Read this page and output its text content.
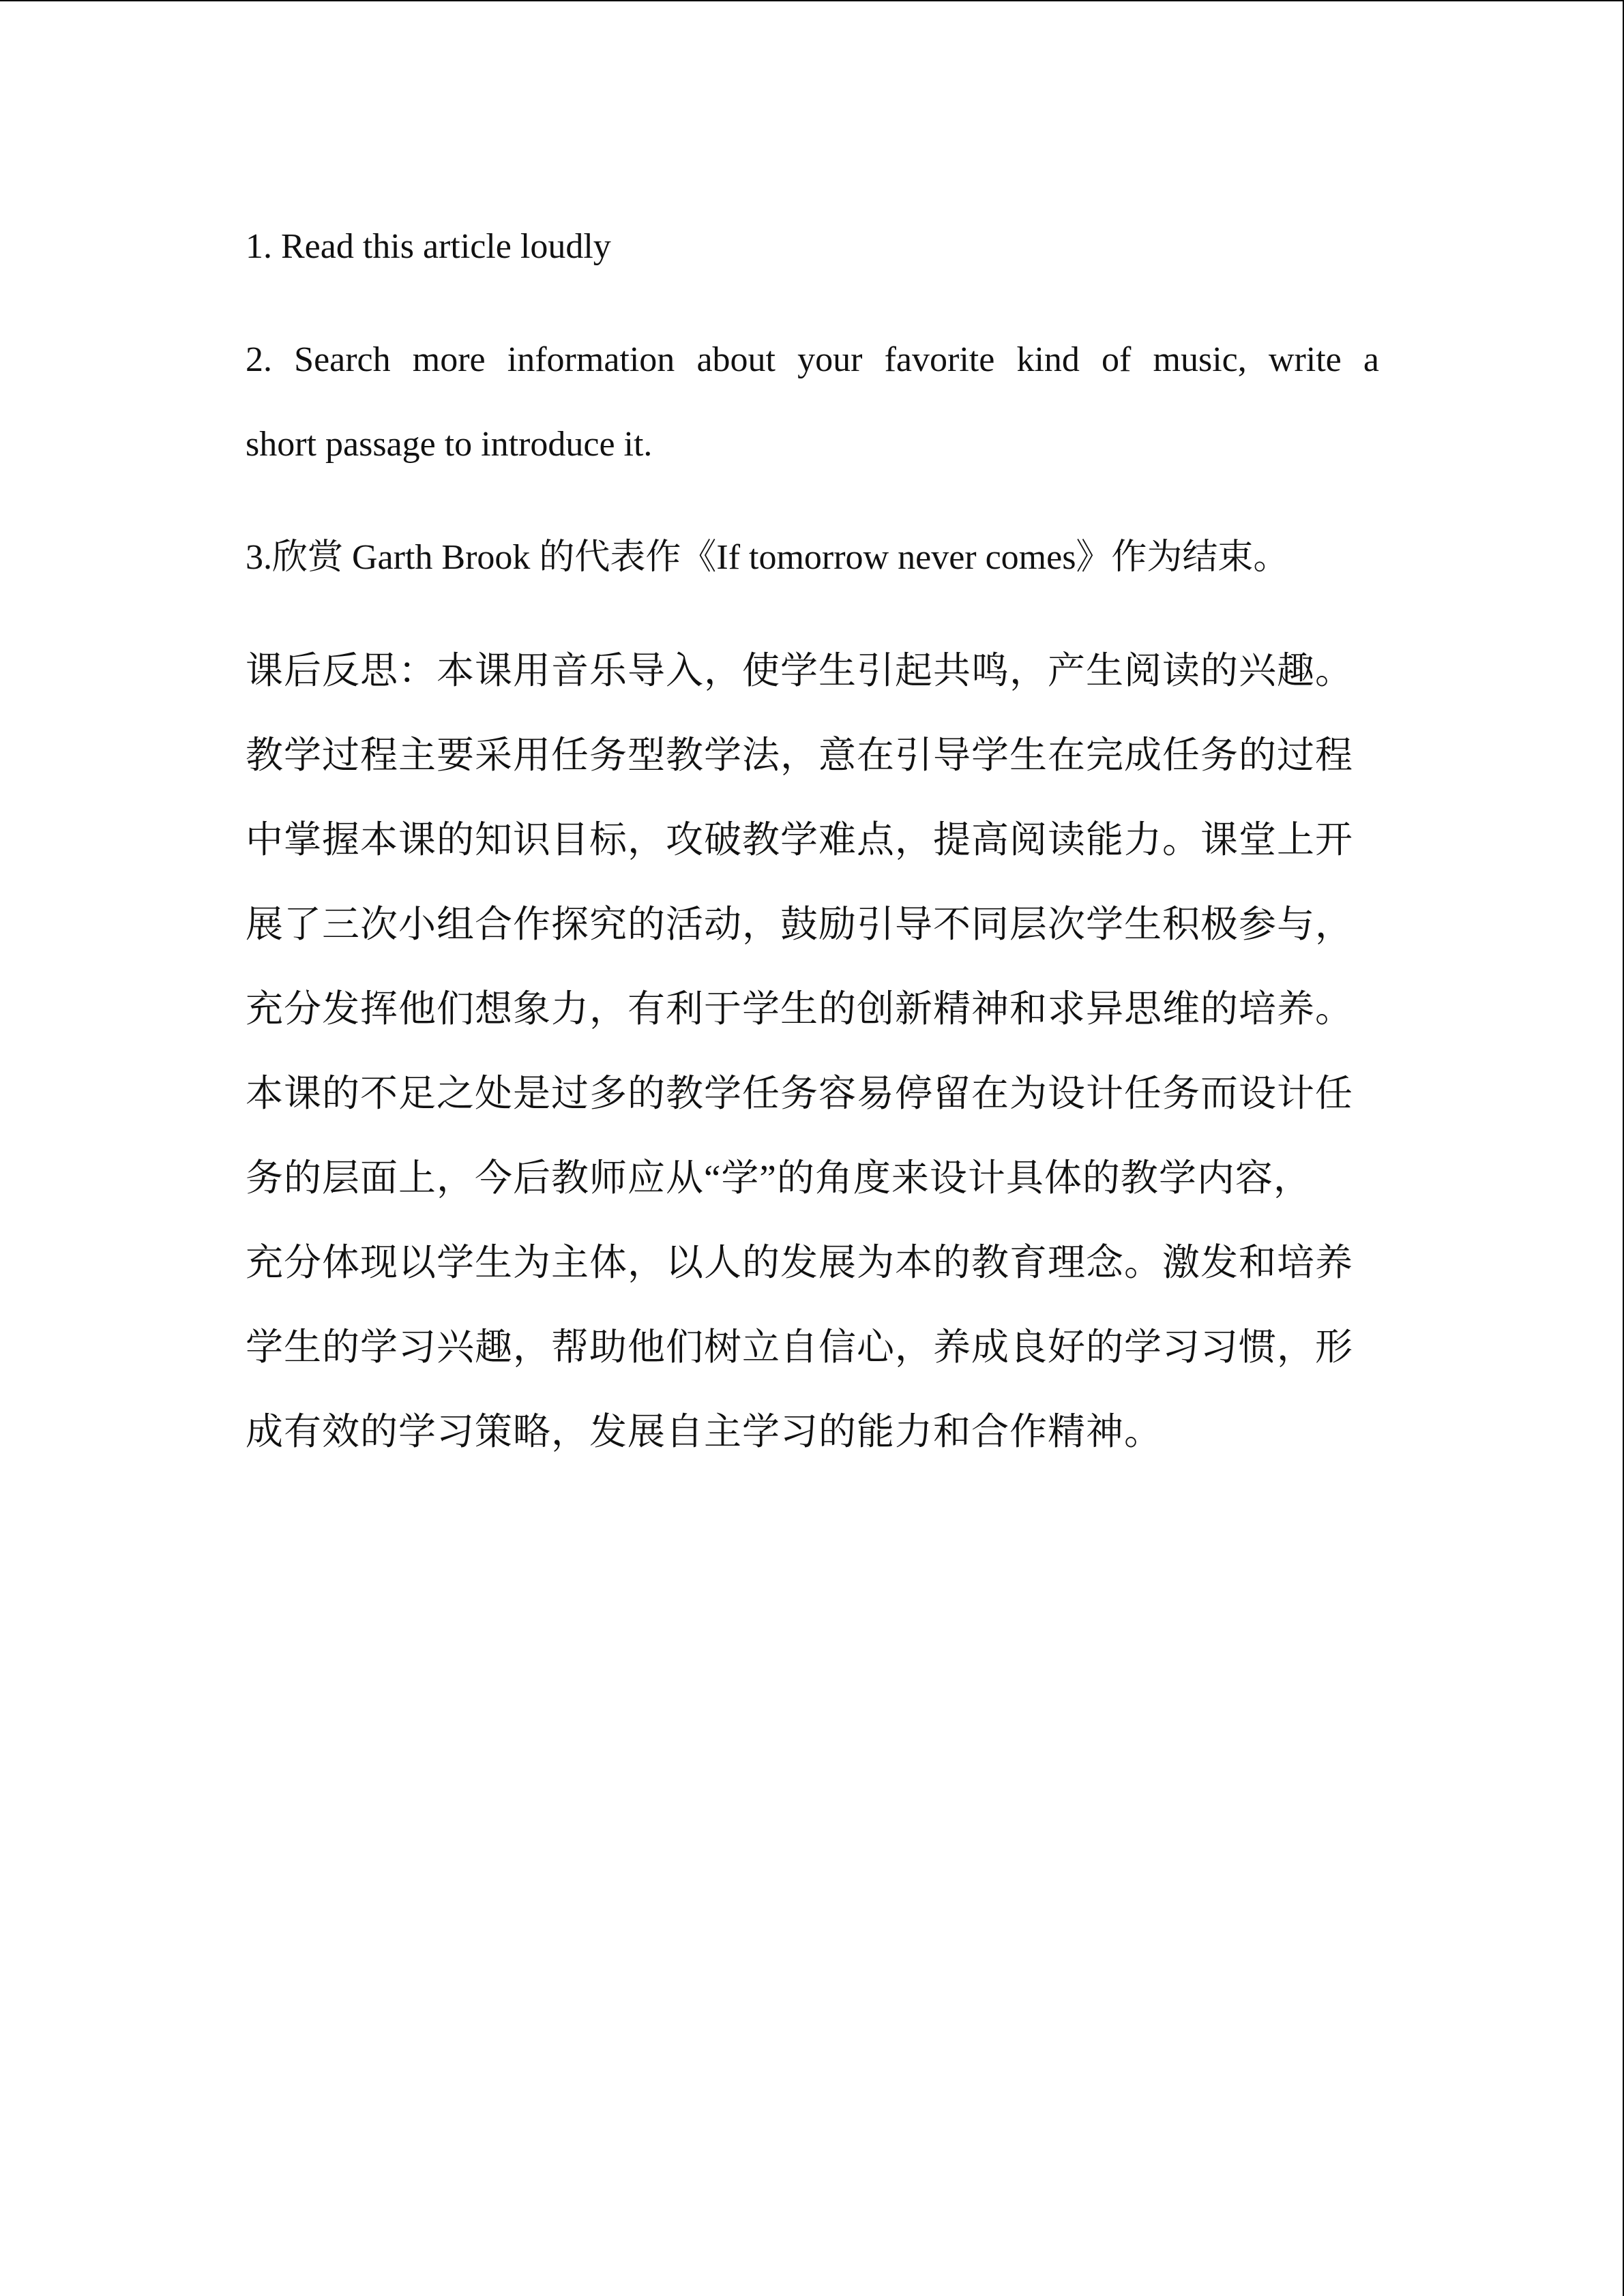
1. Read this article loudly

2. Search more information about your favorite kind of music, write a

short passage to introduce it.

3.欣赏 Garth Brook 的代表作《If tomorrow never comes》作为结束。

课后反思：本课用音乐导入，使学生引起共鸣，产生阅读的兴趣。

教学过程主要采用任务型教学法，意在引导学生在完成任务的过程

中掌握本课的知识目标，攻破教学难点，提高阅读能力。课堂上开

展了三次小组合作探究的活动，鼓励引导不同层次学生积极参与，

充分发挥他们想象力，有利于学生的创新精神和求异思维的培养。

本课的不足之处是过多的教学任务容易停留在为设计任务而设计任

务的层面上，今后教师应从“学”的角度来设计具体的教学内容，

充分体现以学生为主体，以人的发展为本的教育理念。激发和培养

学生的学习兴趣，帮助他们树立自信心，养成良好的学习习惯，形

成有效的学习策略，发展自主学习的能力和合作精神。
